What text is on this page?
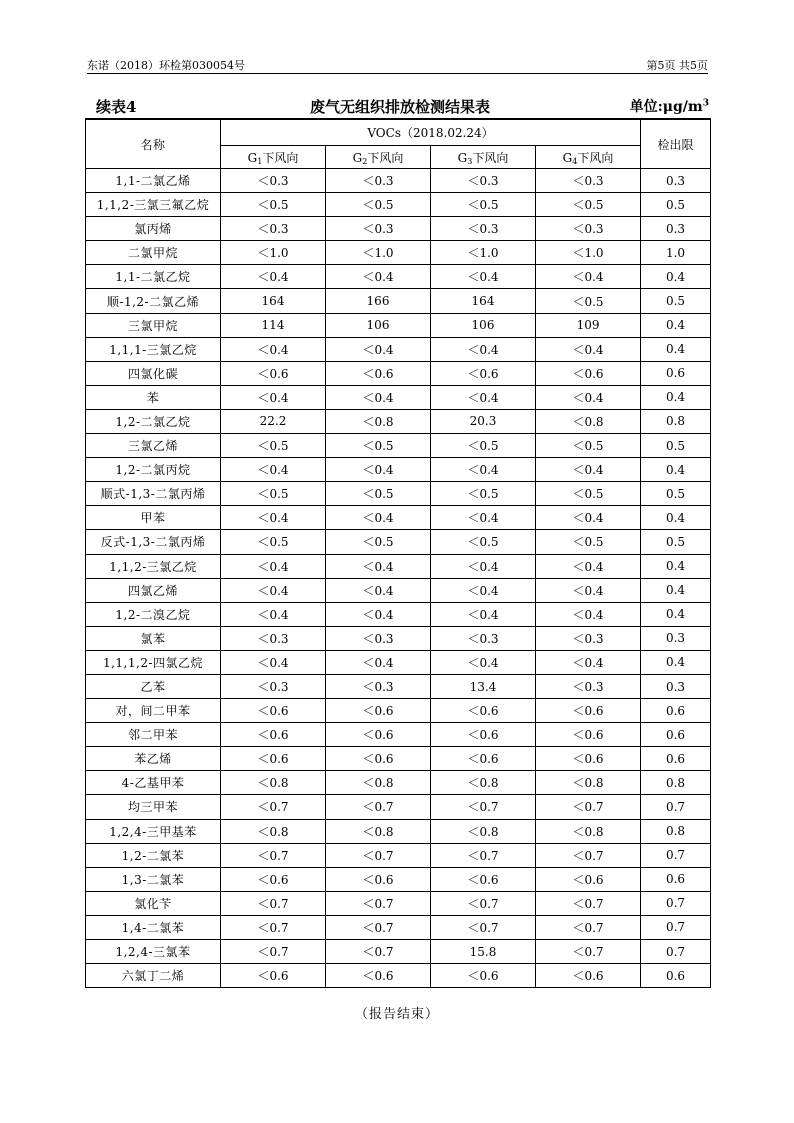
东诺（2018）环检第030054号	第5页 共5页
续表4	废气无组织排放检测结果表	单位$:\mu g/m^3$
名称	VOCs（2018.02.24）				检出限
	$G_1$下风向	$G_2$下风向	$G_3$下风向	$G_4$下风向	
1,1-二氯乙烯	＜0.3	＜0.3	＜0.3	＜0.3	0.3
1,1,2-三氯三氟乙烷	＜0.5	＜0.5	＜0.5	＜0.5	0.5
氯丙烯	＜0.3	＜0.3	＜0.3	＜0.3	0.3
二氯甲烷	＜1.0	＜1.0	＜1.0	＜1.0	1.0
1,1-二氯乙烷	＜0.4	＜0.4	＜0.4	＜0.4	0.4
顺-1,2-二氯乙烯	164	166	164	＜0.5	0.5
三氯甲烷	114	106	106	109	0.4
1,1,1-三氯乙烷	＜0.4	＜0.4	＜0.4	＜0.4	0.4
四氯化碳	＜0.6	＜0.6	＜0.6	＜0.6	0.6
苯	＜0.4	＜0.4	＜0.4	＜0.4	0.4
1,2-二氯乙烷	22.2	＜0.8	20.3	＜0.8	0.8
三氯乙烯	＜0.5	＜0.5	＜0.5	＜0.5	0.5
1,2-二氯丙烷	＜0.4	＜0.4	＜0.4	＜0.4	0.4
顺式-1,3-二氯丙烯	＜0.5	＜0.5	＜0.5	＜0.5	0.5
甲苯	＜0.4	＜0.4	＜0.4	＜0.4	0.4
反式-1,3-二氯丙烯	＜0.5	＜0.5	＜0.5	＜0.5	0.5
1,1,2-三氯乙烷	＜0.4	＜0.4	＜0.4	＜0.4	0.4
四氯乙烯	＜0.4	＜0.4	＜0.4	＜0.4	0.4
1,2-二溴乙烷	＜0.4	＜0.4	＜0.4	＜0.4	0.4
氯苯	＜0.3	＜0.3	＜0.3	＜0.3	0.3
1,1,1,2-四氯乙烷	＜0.4	＜0.4	＜0.4	＜0.4	0.4
乙苯	＜0.3	＜0.3	13.4	＜0.3	0.3
对，间二甲苯	＜0.6	＜0.6	＜0.6	＜0.6	0.6
邻二甲苯	＜0.6	＜0.6	＜0.6	＜0.6	0.6
苯乙烯	＜0.6	＜0.6	＜0.6	＜0.6	0.6
4-乙基甲苯	＜0.8	＜0.8	＜0.8	＜0.8	0.8
均三甲苯	＜0.7	＜0.7	＜0.7	＜0.7	0.7
1,2,4-三甲基苯	＜0.8	＜0.8	＜0.8	＜0.8	0.8
1,2-二氯苯	＜0.7	＜0.7	＜0.7	＜0.7	0.7
1,3-二氯苯	＜0.6	＜0.6	＜0.6	＜0.6	0.6
氯化苄	＜0.7	＜0.7	＜0.7	＜0.7	0.7
1,4-二氯苯	＜0.7	＜0.7	＜0.7	＜0.7	0.7
1,2,4-三氯苯	＜0.7	＜0.7	15.8	＜0.7	0.7
六氯丁二烯	＜0.6	＜0.6	＜0.6	＜0.6	0.6
（报告结束）
